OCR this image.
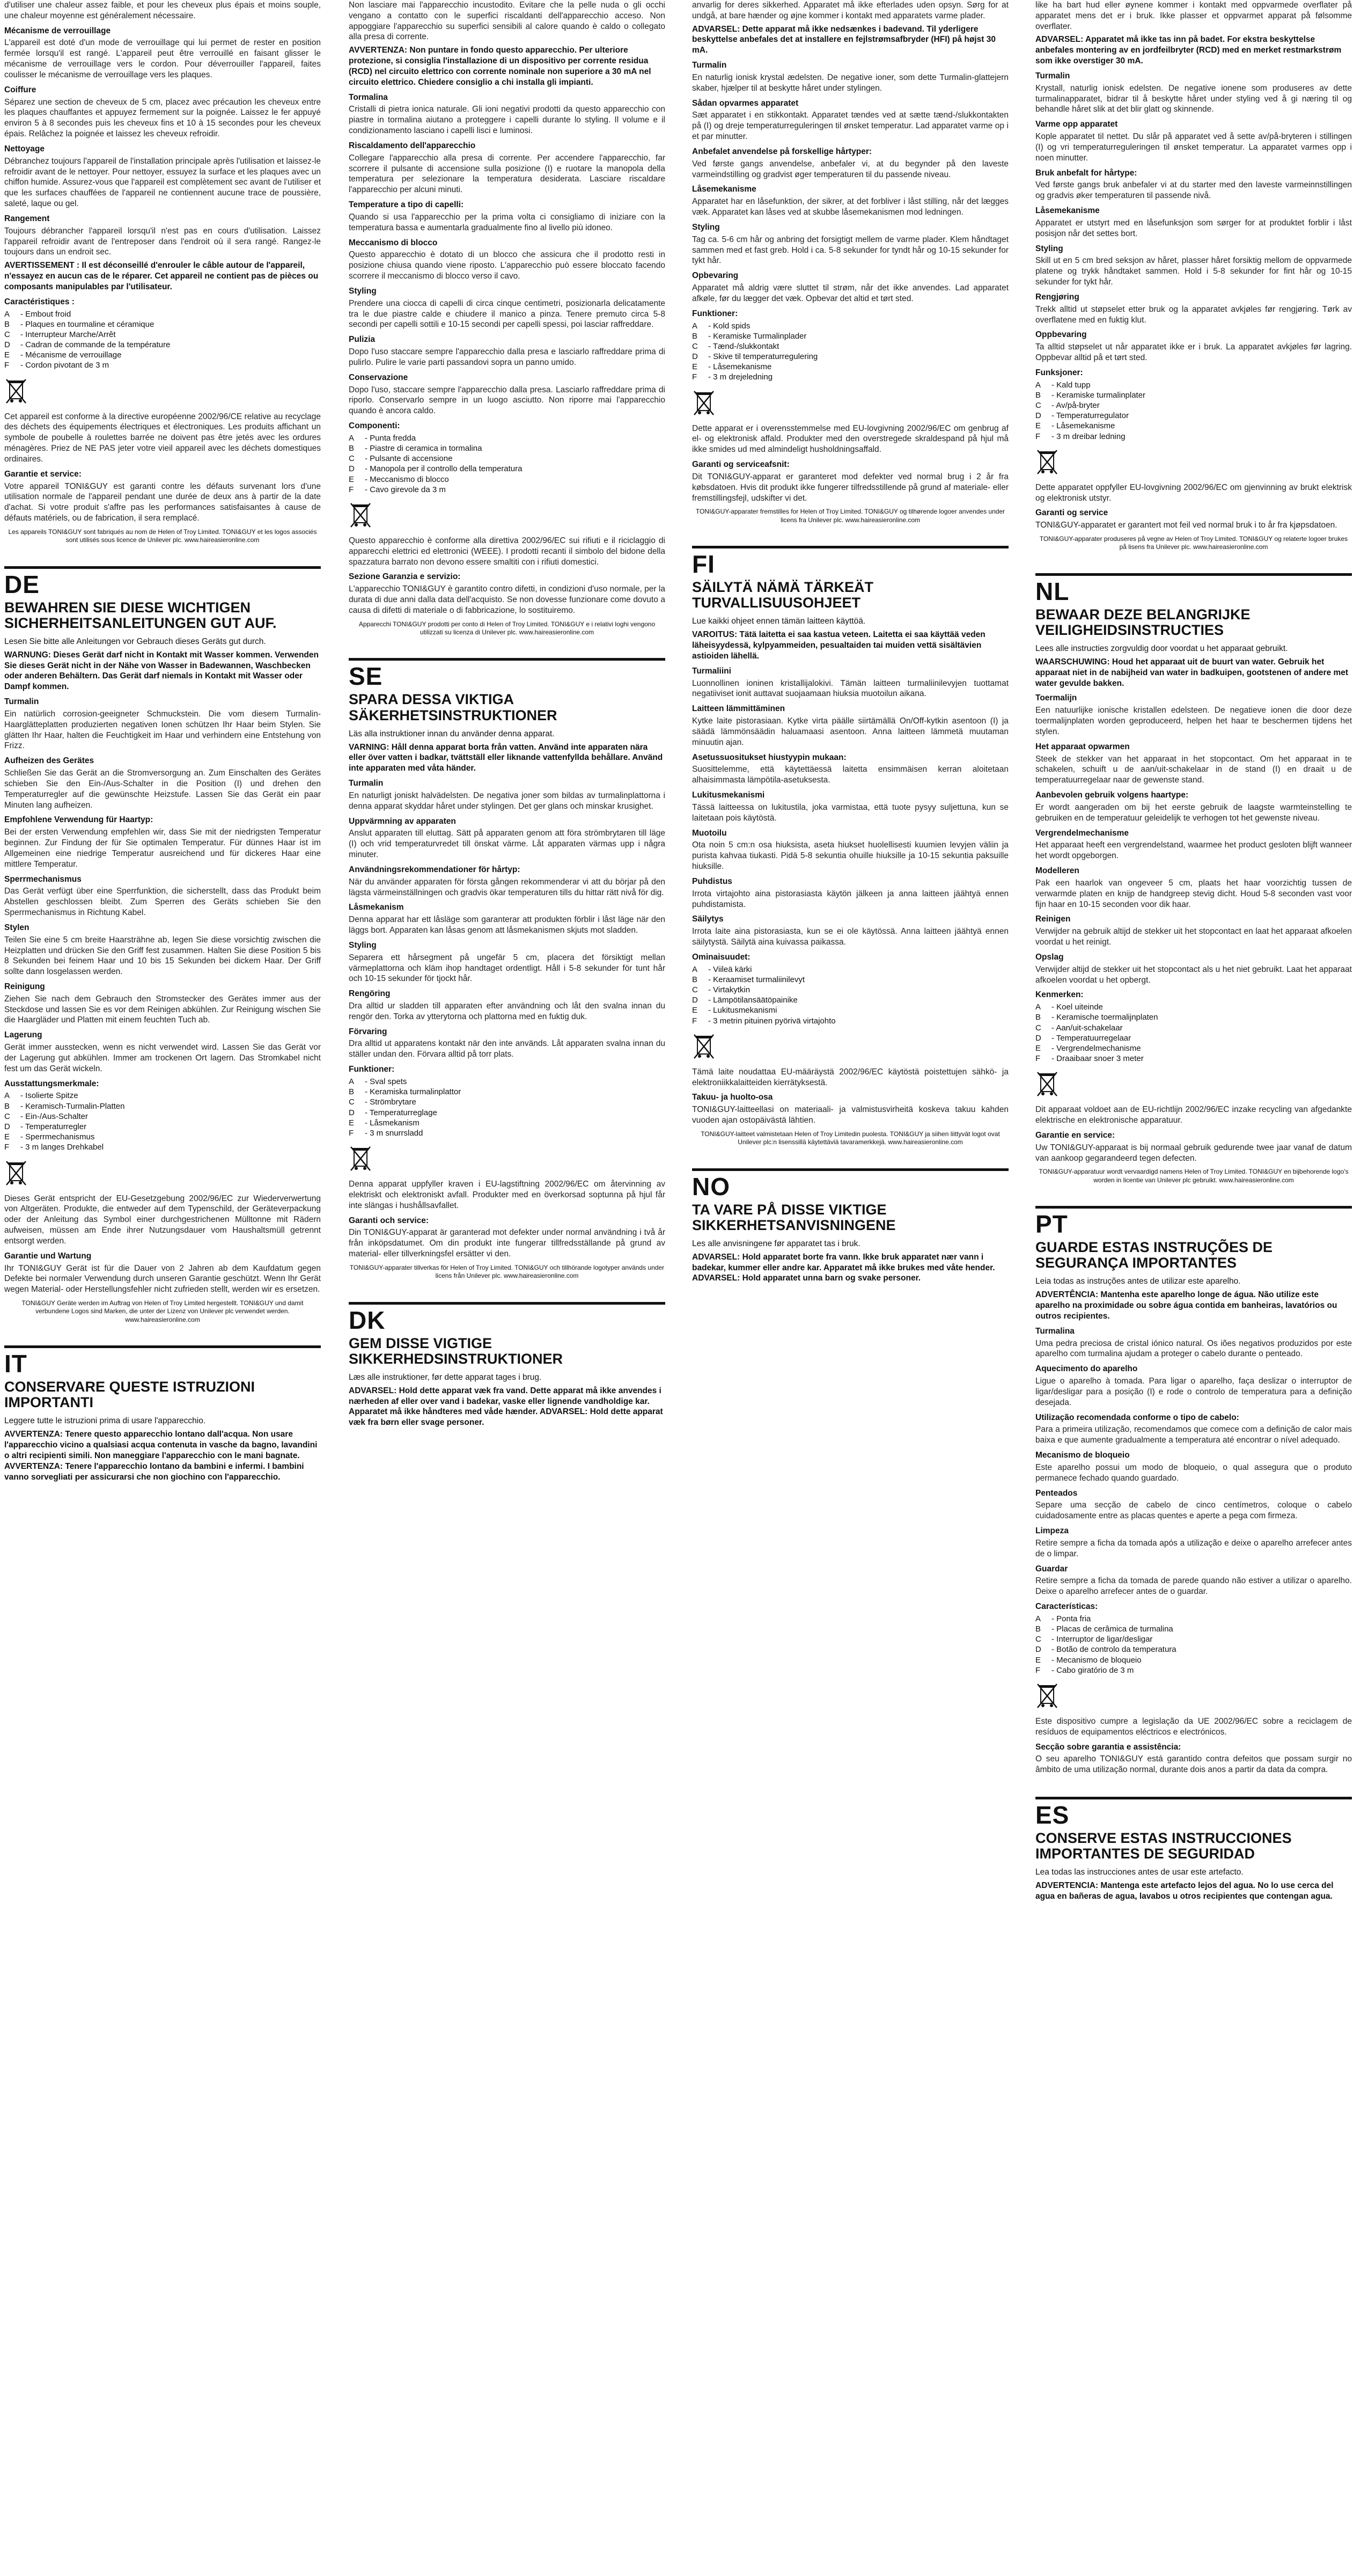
d'utiliser une chaleur assez faible, et pour les cheveux plus épais et moins souple, une chaleur moyenne est généralement nécessaire.

Mécanisme de verrouillage

L'appareil est doté d'un mode de verrouillage qui lui permet de rester en position fermée lorsqu'il est rangé. L'appareil peut être verrouillé en faisant glisser le mécanisme de verrouillage vers le cordon. Pour déverrouiller l'appareil, faites coulisser le mécanisme de verrouillage vers les plaques.

Coiffure

Séparez une section de cheveux de 5 cm, placez avec précaution les cheveux entre les plaques chauffantes et appuyez fermement sur la poignée. Laissez le fer appuyé environ 5 à 8 secondes puis les cheveux fins et 10 à 15 secondes pour les cheveux épais. Relâchez la poignée et laissez les cheveux refroidir.

Nettoyage

Débranchez toujours l'appareil de l'installation principale après l'utilisation et laissez-le refroidir avant de le nettoyer. Pour nettoyer, essuyez la surface et les plaques avec un chiffon humide. Assurez-vous que l'appareil est complètement sec avant de l'utiliser et que les surfaces chauffées de l'appareil ne contiennent aucune trace de poussière, saleté, laque ou gel.

Rangement

Toujours débrancher l'appareil lorsqu'il n'est pas en cours d'utilisation. Laissez l'appareil refroidir avant de l'entreposer dans l'endroit où il sera rangé. Rangez-le toujours dans un endroit sec.

AVERTISSEMENT : Il est déconseillé d'enrouler le câble autour de l'appareil, n'essayez en aucun cas de le réparer. Cet appareil ne contient pas de pièces ou composants manipulables par l'utilisateur.

Caractéristiques :
A	- Embout froid
B	- Plaques en tourmaline et céramique
C	- Interrupteur Marche/Arrêt
D	- Cadran de commande de la température
E	- Mécanisme de verrouillage
F	- Cordon pivotant de 3 m

Cet appareil est conforme à la directive européenne 2002/96/CE relative au recyclage des déchets des équipements électriques et électroniques. Les produits affichant un symbole de poubelle à roulettes barrée ne doivent pas être jetés avec les ordures ménagères. Priez de NE PAS jeter votre vieil appareil avec les déchets domestiques ordinaires.

Garantie et service:

Votre appareil TONI&GUY est garanti contre les défauts survenant lors d'une utilisation normale de l'appareil pendant une durée de deux ans à partir de la date d'achat. Si votre produit s'affre pas les performances satisfaisantes à cause de défauts matériels, ou de fabrication, il sera remplacé.

Les appareils TONI&GUY sont fabriqués au nom de Helen of Troy Limited. TONI&GUY et les logos associés sont utilisés sous licence de Unilever plc. www.haireasieronline.com
DE
BEWAHREN SIE DIESE WICHTIGEN SICHERHEITSANLEITUNGEN GUT AUF.

Lesen Sie bitte alle Anleitungen vor Gebrauch dieses Geräts gut durch.

WARNUNG: Dieses Gerät darf nicht in Kontakt mit Wasser kommen. Verwenden Sie dieses Gerät nicht in der Nähe von Wasser in Badewannen, Waschbecken oder anderen Behältern. Das Gerät darf niemals in Kontakt mit Wasser oder Dampf kommen.

Turmalin

Ein natürlich corrosion-geeigneter Schmuckstein. Die vom diesem Turmalin-Haarglätteplatten produzierten negativen Ionen schützen Ihr Haar beim Stylen. Sie glätten Ihr Haar, halten die Feuchtigkeit im Haar und verhindern eine Entstehung von Frizz.

Aufheizen des Gerätes

Schließen Sie das Gerät an die Stromversorgung an. Zum Einschalten des Gerätes schieben Sie den Ein-/Aus-Schalter in die Position (I) und drehen den Temperaturregler auf die gewünschte Heizstufe. Lassen Sie das Gerät ein paar Minuten lang aufheizen.

Empfohlene Verwendung für Haartyp:

Bei der ersten Verwendung empfehlen wir, dass Sie mit der niedrigsten Temperatur beginnen. Zur Findung der für Sie optimalen Temperatur. Für dünnes Haar ist im Allgemeinen eine niedrige Temperatur ausreichend und für dickeres Haar eine mittlere Temperatur.

Sperrmechanismus

Das Gerät verfügt über eine Sperrfunktion, die sicherstellt, dass das Produkt beim Abstellen geschlossen bleibt. Zum Sperren des Geräts schieben Sie den Sperrmechanismus in Richtung Kabel.

Stylen

Teilen Sie eine 5 cm breite Haarsträhne ab, legen Sie diese vorsichtig zwischen die Heizplatten und drücken Sie den Griff fest zusammen. Halten Sie diese Position 5 bis 8 Sekunden bei feinem Haar und 10 bis 15 Sekunden bei dickem Haar. Der Griff sollte dann losgelassen werden.

Reinigung

Ziehen Sie nach dem Gebrauch den Stromstecker des Gerätes immer aus der Steckdose und lassen Sie es vor dem Reinigen abkühlen. Zur Reinigung wischen Sie die Haargläder und Platten mit einem feuchten Tuch ab.

Lagerung

Gerät immer ausstecken, wenn es nicht verwendet wird. Lassen Sie das Gerät vor der Lagerung gut abkühlen. Immer am trockenen Ort lagern. Das Stromkabel nicht fest um das Gerät wickeln.

Ausstattungsmerkmale:
A	- Isolierte Spitze
B	- Keramisch-Turmalin-Platten
C	- Ein-/Aus-Schalter
D	- Temperaturregler
E	- Sperrmechanismus
F	- 3 m langes Drehkabel

Dieses Gerät entspricht der EU-Gesetzgebung 2002/96/EC zur Wiederverwertung von Altgeräten. Produkte, die entweder auf dem Typenschild, der Geräteverpackung oder der Anleitung das Symbol einer durchgestrichenen Mülltonne mit Rädern aufweisen, müssen am Ende ihrer Nutzungsdauer vom Haushaltsmüll getrennt entsorgt werden.

Garantie und Wartung

Ihr TONI&GUY Gerät ist für die Dauer von 2 Jahren ab dem Kaufdatum gegen Defekte bei normaler Verwendung durch unseren Garantie geschützt. Wenn Ihr Gerät wegen Material- oder Herstellungsfehler nicht zufrieden stellt, werden wir es ersetzen.

TONI&GUY Geräte werden im Auftrag von Helen of Troy Limited hergestellt. TONI&GUY und damit verbundene Logos sind Marken, die unter der Lizenz von Unilever plc verwendet werden. www.haireasieronline.com
IT
CONSERVARE QUESTE ISTRUZIONI IMPORTANTI

Leggere tutte le istruzioni prima di usare l'apparecchio.

AVVERTENZA: Tenere questo apparecchio lontano dall'acqua. Non usare l'apparecchio vicino a qualsiasi acqua contenuta in vasche da bagno, lavandini o altri recipienti simili. Non maneggiare l'apparecchio con le mani bagnate. AVVERTENZA: Tenere l'apparecchio lontano da bambini e infermi. I bambini vanno sorvegliati per assicurarsi che non giochino con l'apparecchio.

Non lasciare mai l'apparecchio incustodito. Evitare che la pelle nuda o gli occhi vengano a contatto con le superfici riscaldanti dell'apparecchio acceso. Non appoggiare l'apparecchio su superfici sensibili al calore quando è caldo o collegato alla presa di corrente.

AVVERTENZA: Non puntare in fondo questo apparecchio. Per ulteriore protezione, si consiglia l'installazione di un dispositivo per corrente residua (RCD) nel circuito elettrico con corrente nominale non superiore a 30 mA nel circuito elettrico. Chiedere consiglio a chi installa gli impianti.

Tormalina

Cristalli di pietra ionica naturale. Gli ioni negativi prodotti da questo apparecchio con piastre in tormalina aiutano a proteggere i capelli durante lo styling. Il volume e il condizionamento lasciano i capelli lisci e luminosi.

Riscaldamento dell'apparecchio

Collegare l'apparecchio alla presa di corrente. Per accendere l'apparecchio, far scorrere il pulsante di accensione sulla posizione (I) e ruotare la manopola della temperatura per selezionare la temperatura desiderata. Lasciare riscaldare l'apparecchio per alcuni minuti.

Temperature a tipo di capelli:

Quando si usa l'apparecchio per la prima volta ci consigliamo di iniziare con la temperatura bassa e aumentarla gradualmente fino al livello più idoneo.

Meccanismo di blocco

Questo apparecchio è dotato di un blocco che assicura che il prodotto resti in posizione chiusa quando viene riposto. L'apparecchio può essere bloccato facendo scorrere il meccanismo di blocco verso il cavo.

Styling

Prendere una ciocca di capelli di circa cinque centimetri, posizionarla delicatamente tra le due piastre calde e chiudere il manico a pinza. Tenere premuto circa 5-8 secondi per capelli sottili e 10-15 secondi per capelli spessi, poi lasciar raffreddare.

Pulizia

Dopo l'uso staccare sempre l'apparecchio dalla presa e lasciarlo raffreddare prima di pulirlo. Pulire le varie parti passandovi sopra un panno umido.

Conservazione

Dopo l'uso, staccare sempre l'apparecchio dalla presa. Lasciarlo raffreddare prima di riporlo. Conservarlo sempre in un luogo asciutto. Non riporre mai l'apparecchio quando è ancora caldo.

Componenti:
A	- Punta fredda
B	- Piastre di ceramica in tormalina
C	- Pulsante di accensione
D	- Manopola per il controllo della temperatura
E	- Meccanismo di blocco
F	- Cavo girevole da 3 m

Questo apparecchio è conforme alla direttiva 2002/96/EC sui rifiuti e il riciclaggio di apparecchi elettrici ed elettronici (WEEE). I prodotti recanti il simbolo del bidone della spazzatura barrato non devono essere smaltiti con i rifiuti domestici.

Sezione Garanzia e servizio:

L'apparecchio TONI&GUY è garantito contro difetti, in condizioni d'uso normale, per la durata di due anni dalla data dell'acquisto. Se non dovesse funzionare come dovuto a causa di difetti di materiale o di fabbricazione, lo sostituiremo.

Apparecchi TONI&GUY prodotti per conto di Helen of Troy Limited. TONI&GUY e i relativi loghi vengono utilizzati su licenza di Unilever plc. www.haireasieronline.com
SE
SPARA DESSA VIKTIGA SÄKERHETSINSTRUKTIONER

Läs alla instruktioner innan du använder denna apparat.

VARNING: Håll denna apparat borta från vatten. Använd inte apparaten nära eller över vatten i badkar, tvättställ eller liknande vattenfyllda behållare. Använd inte apparaten med våta händer.

Turmalin

En naturligt joniskt halvädelsten. De negativa joner som bildas av turmalinplattorna i denna apparat skyddar håret under stylingen. Det ger glans och minskar krusighet.

Uppvärmning av apparaten

Anslut apparaten till eluttag. Sätt på apparaten genom att föra strömbrytaren till läge (I) och vrid temperaturvredet till önskat värme. Låt apparaten värmas upp i några minuter.

Användningsrekommendationer för hårtyp:

När du använder apparaten för första gången rekommenderar vi att du börjar på den lägsta värmeinställningen och gradvis ökar temperaturen tills du hittar rätt nivå för dig.

Låsmekanism

Denna apparat har ett låsläge som garanterar att produkten förblir i låst läge när den läggs bort. Apparaten kan låsas genom att låsmekanismen skjuts mot sladden.

Styling

Separera ett hårsegment på ungefär 5 cm, placera det försiktigt mellan värmeplattorna och kläm ihop handtaget ordentligt. Håll i 5-8 sekunder för tunt hår och 10-15 sekunder för tjockt hår.

Rengöring

Dra alltid ur sladden till apparaten efter användning och låt den svalna innan du rengör den. Torka av ytterytorna och plattorna med en fuktig duk.

Förvaring

Dra alltid ut apparatens kontakt när den inte används. Låt apparaten svalna innan du ställer undan den. Förvara alltid på torr plats.

Funktioner:
A	- Sval spets
B	- Keramiska turmalinplattor
C	- Strömbrytare
D	- Temperaturreglage
E	- Låsmekanism
F	- 3 m snurrsladd

Denna apparat uppfyller kraven i EU-lagstiftning 2002/96/EC om återvinning av elektriskt och elektroniskt avfall. Produkter med en överkorsad soptunna på hjul får inte slängas i hushållsavfallet.

Garanti och service:

Din TONI&GUY-apparat är garanterad mot defekter under normal användning i två år från inköpsdatumet. Om din produkt inte fungerar tillfredsställande på grund av material- eller tillverkningsfel ersätter vi den.

TONI&GUY-apparater tillverkas för Helen of Troy Limited. TONI&GUY och tillhörande logotyper används under licens från Unilever plc. www.haireasieronline.com
DK
GEM DISSE VIGTIGE SIKKERHEDSINSTRUKTIONER

Læs alle instruktioner, før dette apparat tages i brug.

ADVARSEL: Hold dette apparat væk fra vand. Dette apparat må ikke anvendes i nærheden af eller over vand i badekar, vaske eller lignende vandholdige kar. Apparatet må ikke håndteres med våde hænder. ADVARSEL: Hold dette apparat væk fra børn eller svage personer.

anvarlig for deres sikkerhed. Apparatet må ikke efterlades uden opsyn. Sørg for at undgå, at bare hænder og øjne kommer i kontakt med apparatets varme plader.

ADVARSEL: Dette apparat må ikke nedsænkes i badevand. Til yderligere beskyttelse anbefales det at installere en fejlstrømsafbryder (HFI) på højst 30 mA.

Turmalin

En naturlig ionisk krystal ædelsten. De negative ioner, som dette Turmalin-glattejern skaber, hjælper til at beskytte håret under stylingen.

Sådan opvarmes apparatet

Sæt apparatet i en stikkontakt. Apparatet tændes ved at sætte tænd-/slukkontakten på (I) og dreje temperaturreguleringen til ønsket temperatur. Lad apparatet varme op i et par minutter.

Anbefalet anvendelse på forskellige hårtyper:

Ved første gangs anvendelse, anbefaler vi, at du begynder på den laveste varmeindstilling og gradvist øger temperaturen til du passende niveau.

Låsemekanisme

Apparatet har en låsefunktion, der sikrer, at det forbliver i låst stilling, når det lægges væk. Apparatet kan låses ved at skubbe låsemekanismen mod ledningen.

Styling

Tag ca. 5-6 cm hår og anbring det forsigtigt mellem de varme plader. Klem håndtaget sammen med et fast greb. Hold i ca. 5-8 sekunder for tyndt hår og 10-15 sekunder for tykt hår.

Opbevaring

Apparatet må aldrig være sluttet til strøm, når det ikke anvendes. Lad apparatet afkøle, før du lægger det væk. Opbevar det altid et tørt sted.

Funktioner:
A	- Kold spids
B	- Keramiske Turmalinplader
C	- Tænd-/slukkontakt
D	- Skive til temperaturregulering
E	- Låsemekanisme
F	- 3 m drejeledning

Dette apparat er i overensstemmelse med EU-lovgivning 2002/96/EC om genbrug af el- og elektronisk affald. Produkter med den overstregede skraldespand på hjul må ikke smides ud med almindeligt husholdningsaffald.

Garanti og serviceafsnit:

Dit TONI&GUY-apparat er garanteret mod defekter ved normal brug i 2 år fra købsdatoen. Hvis dit produkt ikke fungerer tilfredsstillende på grund af materiale- eller fremstillingsfejl, udskifter vi det.

TONI&GUY-apparater fremstilles for Helen of Troy Limited. TONI&GUY og tilhørende logoer anvendes under licens fra Unilever plc. www.haireasieronline.com
FI
SÄILYTÄ NÄMÄ TÄRKEÄT TURVALLISUUSOHJEET

Lue kaikki ohjeet ennen tämän laitteen käyttöä.

VAROITUS: Tätä laitetta ei saa kastua veteen. Laitetta ei saa käyttää veden läheisyydessä, kylpyammeiden, pesualtaiden tai muiden vettä sisältävien astioiden lähellä.

Turmaliini

Luonnollinen ioninen kristallijalokivi. Tämän laitteen turmaliinilevyjen tuottamat negatiiviset ionit auttavat suojaamaan hiuksia muotoilun aikana.

Laitteen lämmittäminen

Kytke laite pistorasiaan. Kytke virta päälle siirtämällä On/Off-kytkin asentoon (I) ja säädä lämmönsäädin haluamaasi asentoon. Anna laitteen lämmetä muutaman minuutin ajan.

Asetussuositukset hiustyypin mukaan:

Suosittelemme, että käytettäessä laitetta ensimmäisen kerran aloitetaan alhaisimmasta lämpötila-asetuksesta.

Lukitusmekanismi

Tässä laitteessa on lukitustila, joka varmistaa, että tuote pysyy suljettuna, kun se laitetaan pois käytöstä.

Muotoilu

Ota noin 5 cm:n osa hiuksista, aseta hiukset huolellisesti kuumien levyjen väliin ja purista kahvaa tiukasti. Pidä 5-8 sekuntia ohuille hiuksille ja 10-15 sekuntia paksuille hiuksille.

Puhdistus

Irrota virtajohto aina pistorasiasta käytön jälkeen ja anna laitteen jäähtyä ennen puhdistamista.

Säilytys

Irrota laite aina pistorasiasta, kun se ei ole käytössä. Anna laitteen jäähtyä ennen säilytystä. Säilytä aina kuivassa paikassa.

Ominaisuudet:
A	- Viileä kärki
B	- Keraamiset turmaliinilevyt
C	- Virtakytkin
D	- Lämpötilansäätöpainike
E	- Lukitusmekanismi
F	- 3 metrin pituinen pyörivä virtajohto

Tämä laite noudattaa EU-määräystä 2002/96/EC käytöstä poistettujen sähkö- ja elektroniikkalaitteiden kierrätyksestä.

Takuu- ja huolto-osa

TONI&GUY-laitteellasi on materiaali- ja valmistusvirheitä koskeva takuu kahden vuoden ajan ostopäivästä lähtien.

TONI&GUY-laitteet valmistetaan Helen of Troy Limitedin puolesta. TONI&GUY ja siihen liittyvät logot ovat Unilever plc:n lisenssillä käytettäviä tavaramerkkejä. www.haireasieronline.com
NO
TA VARE PÅ DISSE VIKTIGE SIKKERHETSANVISNINGENE

Les alle anvisningene før apparatet tas i bruk.

ADVARSEL: Hold apparatet borte fra vann. Ikke bruk apparatet nær vann i badekar, kummer eller andre kar. Apparatet må ikke brukes med våte hender. ADVARSEL: Hold apparatet unna barn og svake personer.

like ha bart hud eller øynene kommer i kontakt med oppvarmede overflater på apparatet mens det er i bruk. Ikke plasser et oppvarmet apparat på følsomme overflater.

ADVARSEL: Apparatet må ikke tas inn på badet. For ekstra beskyttelse anbefales montering av en jordfeilbryter (RCD) med en merket restmarkstrøm som ikke overstiger 30 mA.

Turmalin

Krystall, naturlig ionisk edelsten. De negative ionene som produseres av dette turmalinapparatet, bidrar til å beskytte håret under styling ved å gi næring til og behandle håret slik at det blir glatt og skinnende.

Varme opp apparatet

Kople apparatet til nettet. Du slår på apparatet ved å sette av/på-bryteren i stillingen (I) og vri temperaturreguleringen til ønsket temperatur. La apparatet varmes opp i noen minutter.

Bruk anbefalt for hårtype:

Ved første gangs bruk anbefaler vi at du starter med den laveste varmeinnstillingen og gradvis øker temperaturen til passende nivå.

Låsemekanisme

Apparatet er utstyrt med en låsefunksjon som sørger for at produktet forblir i låst posisjon når det settes bort.

Styling

Skill ut en 5 cm bred seksjon av håret, plasser håret forsiktig mellom de oppvarmede platene og trykk håndtaket sammen. Hold i 5-8 sekunder for fint hår og 10-15 sekunder for tykt hår.

Rengjøring

Trekk alltid ut støpselet etter bruk og la apparatet avkjøles før rengjøring. Tørk av overflatene med en fuktig klut.

Oppbevaring

Ta alltid støpselet ut når apparatet ikke er i bruk. La apparatet avkjøles før lagring. Oppbevar alltid på et tørt sted.

Funksjoner:
A	- Kald tupp
B	- Keramiske turmalinplater
C	- Av/på-bryter
D	- Temperaturregulator
E	- Låsemekanisme
F	- 3 m dreibar ledning

Dette apparatet oppfyller EU-lovgivning 2002/96/EC om gjenvinning av brukt elektrisk og elektronisk utstyr.

Garanti og service

TONI&GUY-apparatet er garantert mot feil ved normal bruk i to år fra kjøpsdatoen.

TONI&GUY-apparater produseres på vegne av Helen of Troy Limited. TONI&GUY og relaterte logoer brukes på lisens fra Unilever plc. www.haireasieronline.com
NL
BEWAAR DEZE BELANGRIJKE VEILIGHEIDSINSTRUCTIES

Lees alle instructies zorgvuldig door voordat u het apparaat gebruikt.

WAARSCHUWING: Houd het apparaat uit de buurt van water. Gebruik het apparaat niet in de nabijheid van water in badkuipen, gootstenen of andere met water gevulde bakken.

Toermalijn

Een natuurlijke ionische kristallen edelsteen. De negatieve ionen die door deze toermalijnplaten worden geproduceerd, helpen het haar te beschermen tijdens het stylen.

Het apparaat opwarmen

Steek de stekker van het apparaat in het stopcontact. Om het apparaat in te schakelen, schuift u de aan/uit-schakelaar in de stand (I) en draait u de temperatuurregelaar naar de gewenste stand.

Aanbevolen gebruik volgens haartype:

Er wordt aangeraden om bij het eerste gebruik de laagste warmteinstelling te gebruiken en de temperatuur geleidelijk te verhogen tot het gewenste niveau.

Vergrendelmechanisme

Het apparaat heeft een vergrendelstand, waarmee het product gesloten blijft wanneer het wordt opgeborgen.

Modelleren

Pak een haarlok van ongeveer 5 cm, plaats het haar voorzichtig tussen de verwarmde platen en knijp de handgreep stevig dicht. Houd 5-8 seconden vast voor fijn haar en 10-15 seconden voor dik haar.

Reinigen

Verwijder na gebruik altijd de stekker uit het stopcontact en laat het apparaat afkoelen voordat u het reinigt.

Opslag

Verwijder altijd de stekker uit het stopcontact als u het niet gebruikt. Laat het apparaat afkoelen voordat u het opbergt.

Kenmerken:
A	- Koel uiteinde
B	- Keramische toermalijnplaten
C	- Aan/uit-schakelaar
D	- Temperatuurregelaar
E	- Vergrendelmechanisme
F	- Draaibaar snoer 3 meter

Dit apparaat voldoet aan de EU-richtlijn 2002/96/EC inzake recycling van afgedankte elektrische en elektronische apparatuur.

Garantie en service:

Uw TONI&GUY-apparaat is bij normaal gebruik gedurende twee jaar vanaf de datum van aankoop gegarandeerd tegen defecten.

TONI&GUY-apparatuur wordt vervaardigd namens Helen of Troy Limited. TONI&GUY en bijbehorende logo's worden in licentie van Unilever plc gebruikt. www.haireasieronline.com
PT
GUARDE ESTAS INSTRUÇÕES DE SEGURANÇA IMPORTANTES

Leia todas as instruções antes de utilizar este aparelho.

ADVERTÊNCIA: Mantenha este aparelho longe de água. Não utilize este aparelho na proximidade ou sobre água contida em banheiras, lavatórios ou outros recipientes.

Turmalina

Uma pedra preciosa de cristal iónico natural. Os iões negativos produzidos por este aparelho com turmalina ajudam a proteger o cabelo durante o penteado.

Aquecimento do aparelho

Ligue o aparelho à tomada. Para ligar o aparelho, faça deslizar o interruptor de ligar/desligar para a posição (I) e rode o controlo de temperatura para a definição desejada.

Utilização recomendada conforme o tipo de cabelo:

Para a primeira utilização, recomendamos que comece com a definição de calor mais baixa e que aumente gradualmente a temperatura até encontrar o nível adequado.

Mecanismo de bloqueio

Este aparelho possui um modo de bloqueio, o qual assegura que o produto permanece fechado quando guardado.

Penteados

Separe uma secção de cabelo de cinco centímetros, coloque o cabelo cuidadosamente entre as placas quentes e aperte a pega com firmeza.

Limpeza

Retire sempre a ficha da tomada após a utilização e deixe o aparelho arrefecer antes de o limpar.

Guardar

Retire sempre a ficha da tomada de parede quando não estiver a utilizar o aparelho. Deixe o aparelho arrefecer antes de o guardar.

Características:
A	- Ponta fria
B	- Placas de cerâmica de turmalina
C	- Interruptor de ligar/desligar
D	- Botão de controlo da temperatura
E	- Mecanismo de bloqueio
F	- Cabo giratório de 3 m

Este dispositivo cumpre a legislação da UE 2002/96/EC sobre a reciclagem de resíduos de equipamentos eléctricos e electrónicos.

Secção sobre garantia e assistência:

O seu aparelho TONI&GUY está garantido contra defeitos que possam surgir no âmbito de uma utilização normal, durante dois anos a partir da data da compra.

ES
CONSERVE ESTAS INSTRUCCIONES IMPORTANTES DE SEGURIDAD

Lea todas las instrucciones antes de usar este artefacto.

ADVERTENCIA: Mantenga este artefacto lejos del agua. No lo use cerca del agua en bañeras de agua, lavabos u otros recipientes que contengan agua.
